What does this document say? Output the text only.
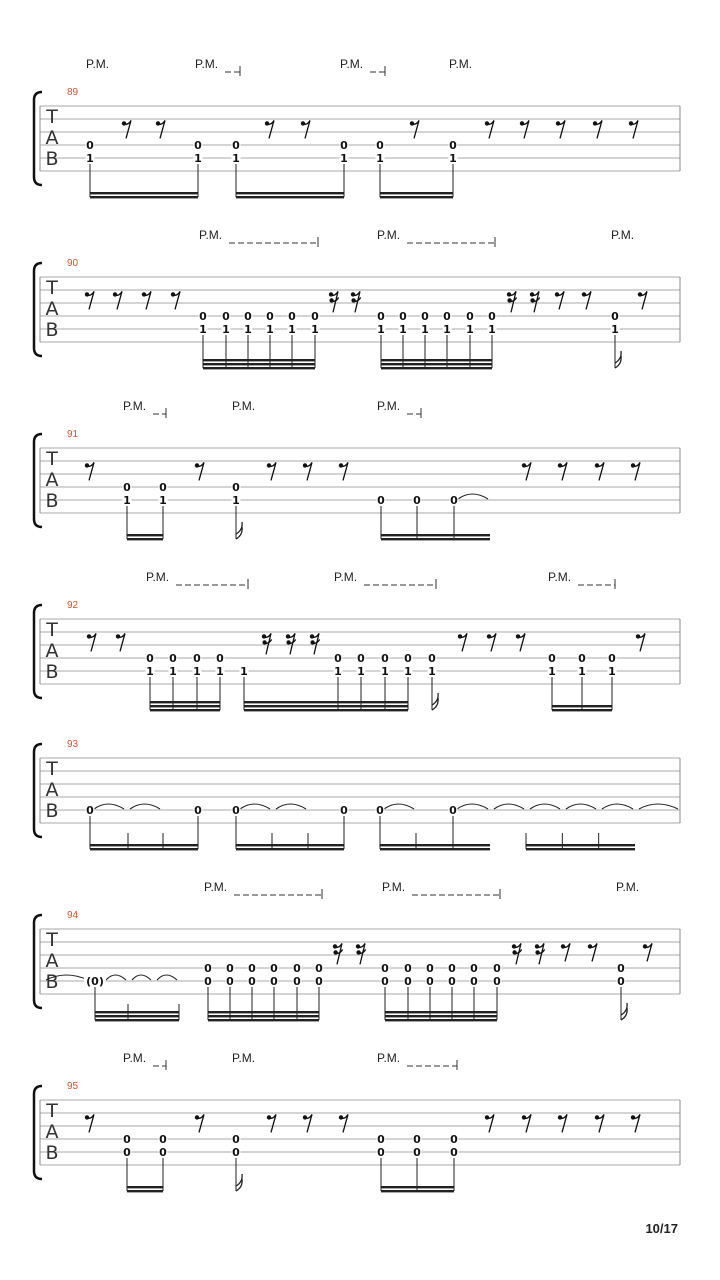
T
A
B
89
P.M.	P.M.	P.M.	P.M.
0
1
0
1
0
1
0
1
0
1
0
1
T
A
B
90
P.M.	P.M.	P.M.
0
1
0
1
0
1
0
1
0
1
0
1
0
1
0
1
0
1
0
1
0
1
0
1
0
1
T
A
B
91
P.M.	P.M.	P.M.
0
1
0
1
0
1	0	0	0
T
A
B
92
P.M.	P.M.	P.M.
0
1
0
1
0
1
0
1 1
0
1
0
1
0
1
0
1
0
1
0
1
0
1
0
1
T
A
B
93
0	0	0	0	0	0
T
A
B
94
P.M.	P.M.	P.M.
(0)
0
0
0
0
0
0
0
0
0
0
0
0
0
0
0
0
0
0
0
0
0
0
0
0
0
0
T
A
B
95
P.M.	P.M.	P.M.
0
0
0
0
0
0
0
0
0
0
0
0
10/17
